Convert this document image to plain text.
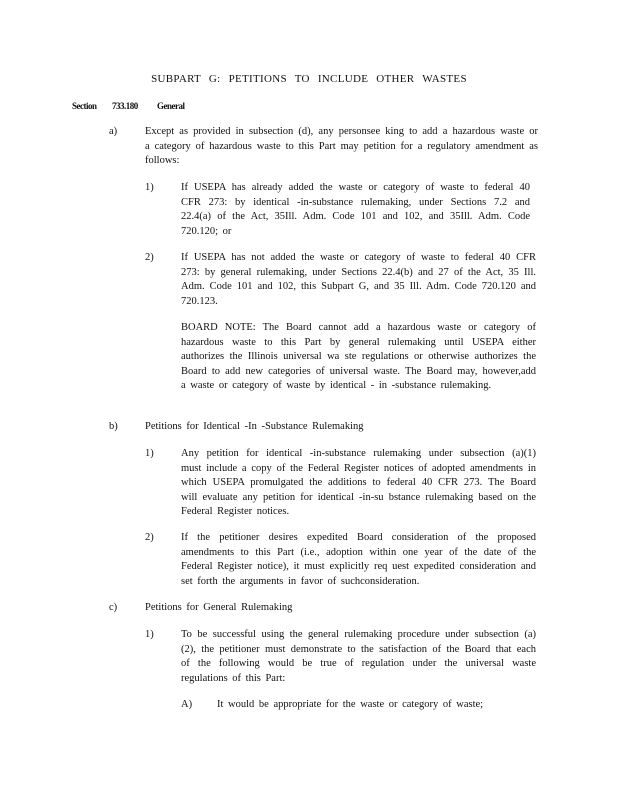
SUBPART G: PETITIONS TO INCLUDE OTHER WASTES
Section 733.180 General
a)	Except as provided in subsection (d), any personsee king to add a hazardous waste or a category of hazardous waste to this Part may petition for a regulatory amendment as follows:
1)	If USEPA has already added the waste or category of waste to federal 40 CFR 273: by identical -in-substance rulemaking, under Sections 7.2 and 22.4(a) of the Act, 35Ill. Adm. Code 101 and 102, and 35Ill. Adm. Code 720.120; or
2)	If USEPA has not added the waste or category of waste to federal 40 CFR 273: by general rulemaking, under Sections 22.4(b) and 27 of the Act, 35 Ill. Adm. Code 101 and 102, this Subpart G, and 35 Ill. Adm. Code 720.120 and 720.123.
BOARD NOTE: The Board cannot add a hazardous waste or category of hazardous waste to this Part by general rulemaking until USEPA either authorizes the Illinois universal wa ste regulations or otherwise authorizes the Board to add new categories of universal waste. The Board may, however,add a waste or category of waste by identical - in -substance rulemaking.
b)	Petitions for Identical -In -Substance Rulemaking
1)	Any petition for identical -in-substance rulemaking under subsection (a)(1) must include a copy of the Federal Register notices of adopted amendments in which USEPA promulgated the additions to federal 40 CFR 273. The Board will evaluate any petition for identical -in-su bstance rulemaking based on the Federal Register notices.
2)	If the petitioner desires expedited Board consideration of the proposed amendments to this Part (i.e., adoption within one year of the date of the Federal Register notice), it must explicitly req uest expedited consideration and set forth the arguments in favor of suchconsideration.
c)	Petitions for General Rulemaking
1)	To be successful using the general rulemaking procedure under subsection (a)(2), the petitioner must demonstrate to the satisfaction of the Board that each of the following would be true of regulation under the universal waste regulations of this Part:
A) It would be appropriate for the waste or category of waste;
